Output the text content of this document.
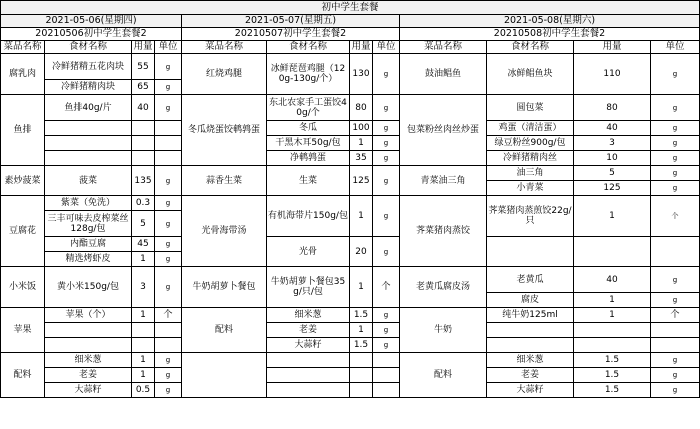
初中学生套餐											
2021-05-06(星期四)				2021-05-07(星期五)				2021-05-08(星期六)			
20210506初中学生套餐2				20210507初中学生套餐2				20210508初中学生套餐2			
菜品名称	食材名称	用量	单位	菜品名称	食材名称	用量	单位	菜品名称	食材名称	用量	单位
腐乳肉	冷鲜猪精五花肉块	55	g	红烧鸡腿	冰鲜琵琶鸡腿（120g-130g/个）	130	g	鼓油鲳鱼	冰鲜鲳鱼块	110	g
	冷鲜猪精肉块	65	g								
鱼排	鱼排40g/片	40	g	冬瓜烧蛋饺鹌鹑蛋	东北农家手工蛋饺40g/个	80	g	包菜粉丝肉丝炒蛋	圆包菜	80	g
					冬瓜	100	g		鸡蛋（清洁蛋）	40	g
					干黑木耳50g/包	1	g		绿豆粉丝900g/包	3	g
					净鹌鹑蛋	35	g		冷鲜猪精肉丝	10	g
素炒菠菜	菠菜	135	g	蒜香生菜	生菜	125	g	青菜油三角	油三角	5	g
									小青菜	125	g
豆腐花	紫菜（免洗）	0.3	g	光骨海带汤	有机海带片150g/包	1	g	荠菜猪肉蒸饺	荠菜猪肉蒸煎饺22g/只	1	个
	三丰可味去皮榨菜丝128g/包	5	g								
	内酯豆腐	45	g		光骨	20	g				
	精选烤虾皮	1	g								
小米饭	黄小米150g/包	3	g	牛奶胡萝卜餐包	牛奶胡萝卜餐包35g/只/包	1	个	老黄瓜腐皮汤	老黄瓜	40	g
									腐皮	1	g
苹果	苹果（个）	1	个	配料	细米葱	1.5	g	牛奶	纯牛奶125ml	1	个
					老姜	1	g				
					大蒜籽	1.5	g				
配料	细米葱	1	g					配料	细米葱	1.5	g
	老姜	1	g						老姜	1.5	g
	大蒜籽	0.5	g						大蒜籽	1.5	g
